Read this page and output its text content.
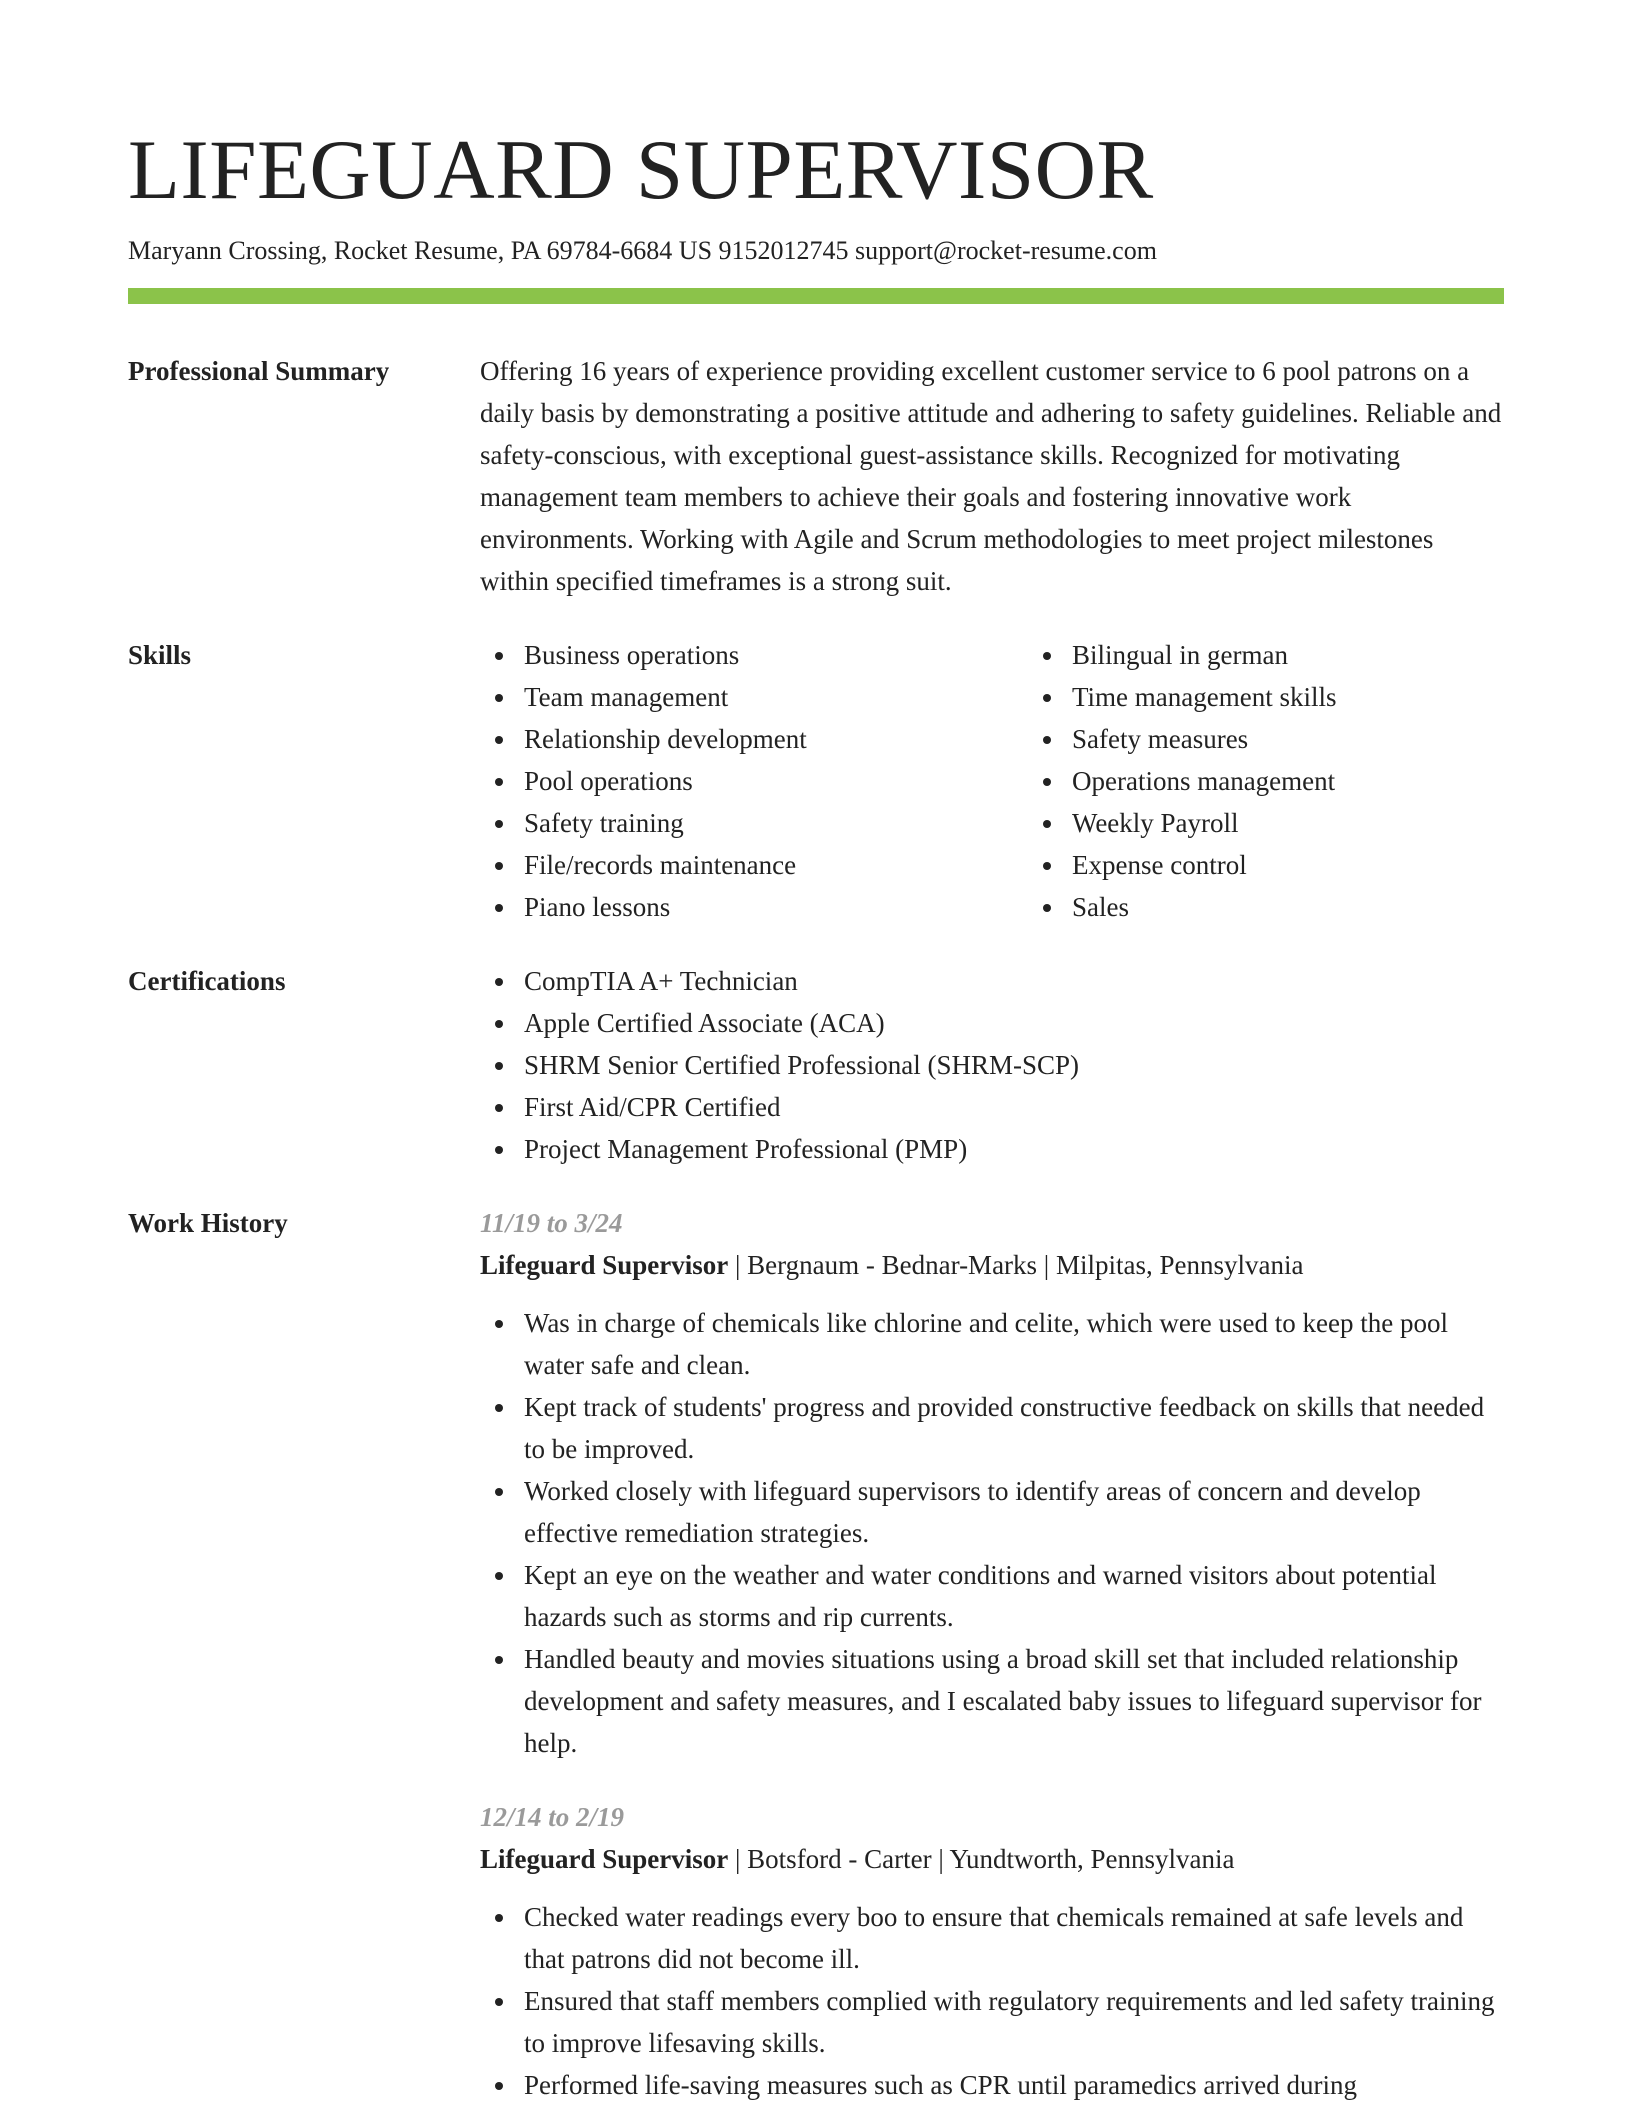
LIFEGUARD SUPERVISOR
Maryann Crossing, Rocket Resume, PA 69784-6684 US 9152012745 support@rocket-resume.com
Professional Summary	Offering 16 years of experience providing excellent customer service to 6 pool patrons on a daily basis by demonstrating a positive attitude and adhering to safety guidelines. Reliable and safety-conscious, with exceptional guest-assistance skills. Recognized for motivating management team members to achieve their goals and fostering innovative work environments. Working with Agile and Scrum methodologies to meet project milestones within specified timeframes is a strong suit.

Skills	Business operations
Team management
Relationship development
Pool operations
Safety training
File/records maintenance
Piano lessons
Bilingual in german
Time management skills
Safety measures
Operations management
Weekly Payroll
Expense control
Sales
Certifications	CompTIA A+ Technician
Apple Certified Associate (ACA)
SHRM Senior Certified Professional (SHRM-SCP)
First Aid/CPR Certified
Project Management Professional (PMP)
Work History	11/19 to 3/24
Lifeguard Supervisor | Bergnaum - Bednar-Marks | Milpitas, Pennsylvania
Was in charge of chemicals like chlorine and celite, which were used to keep the pool water safe and clean.
Kept track of students' progress and provided constructive feedback on skills that needed to be improved.
Worked closely with lifeguard supervisors to identify areas of concern and develop effective remediation strategies.
Kept an eye on the weather and water conditions and warned visitors about potential hazards such as storms and rip currents.
Handled beauty and movies situations using a broad skill set that included relationship development and safety measures, and I escalated baby issues to lifeguard supervisor for help.
12/14 to 2/19
Lifeguard Supervisor | Botsford - Carter | Yundtworth, Pennsylvania
Checked water readings every boo to ensure that chemicals remained at safe levels and that patrons did not become ill.
Ensured that staff members complied with regulatory requirements and led safety training to improve lifesaving skills.
Performed life-saving measures such as CPR until paramedics arrived during
